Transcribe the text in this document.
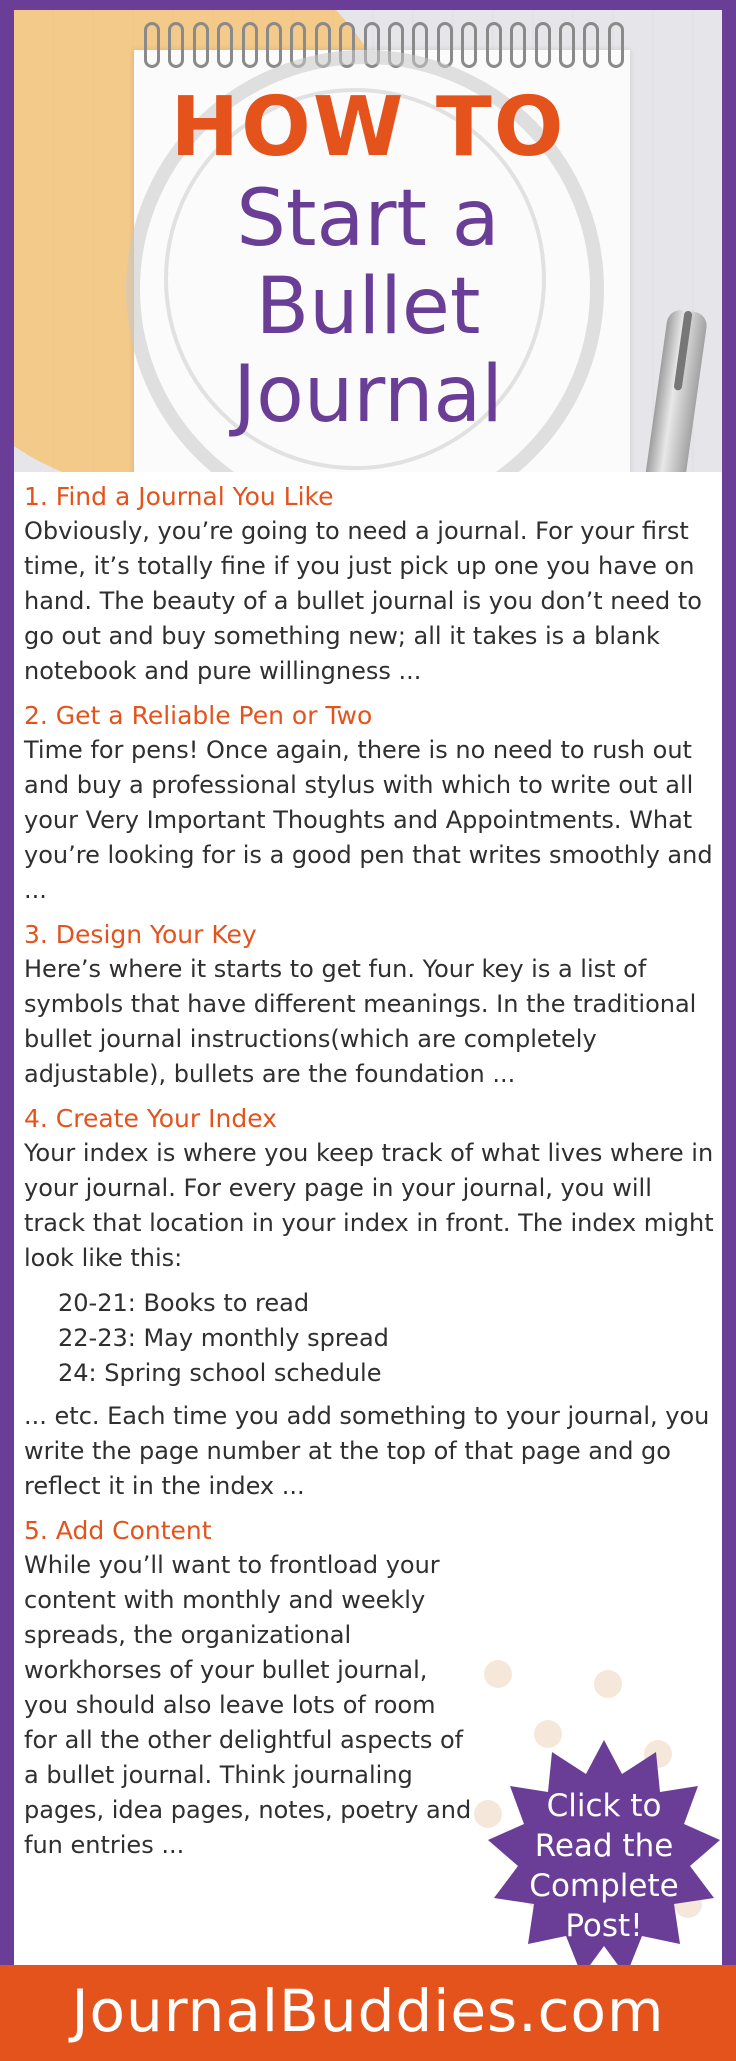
HOW TO
Start a
Bullet
Journal
1. Find a Journal You Like

Obviously, you’re going to need a journal. For your first time, it’s totally fine if you just pick up one you have on hand. The beauty of a bullet journal is you don’t need to go out and buy something new; all it takes is a blank notebook and pure willingness ...

2. Get a Reliable Pen or Two

Time for pens! Once again, there is no need to rush out and buy a professional stylus with which to write out all your Very Important Thoughts and Appointments. What you’re looking for is a good pen that writes smoothly and ...

3. Design Your Key

Here’s where it starts to get fun. Your key is a list of symbols that have different meanings. In the traditional bullet journal instructions(which are completely adjustable), bullets are the foundation ...

4. Create Your Index

Your index is where you keep track of what lives where in your journal. For every page in your journal, you will track that location in your index in front. The index might look like this:

20-21: Books to read
22-23: May monthly spread
24: Spring school schedule

... etc. Each time you add something to your journal, you write the page number at the top of that page and go reflect it in the index ...

5. Add Content

While you’ll want to frontload your content with monthly and weekly spreads, the organizational workhorses of your bullet journal, you should also leave lots of room for all the other delightful aspects of a bullet journal. Think journaling pages, idea pages, notes, poetry and fun entries ...

Click to
Read the
Complete
Post!
JournalBuddies.com
